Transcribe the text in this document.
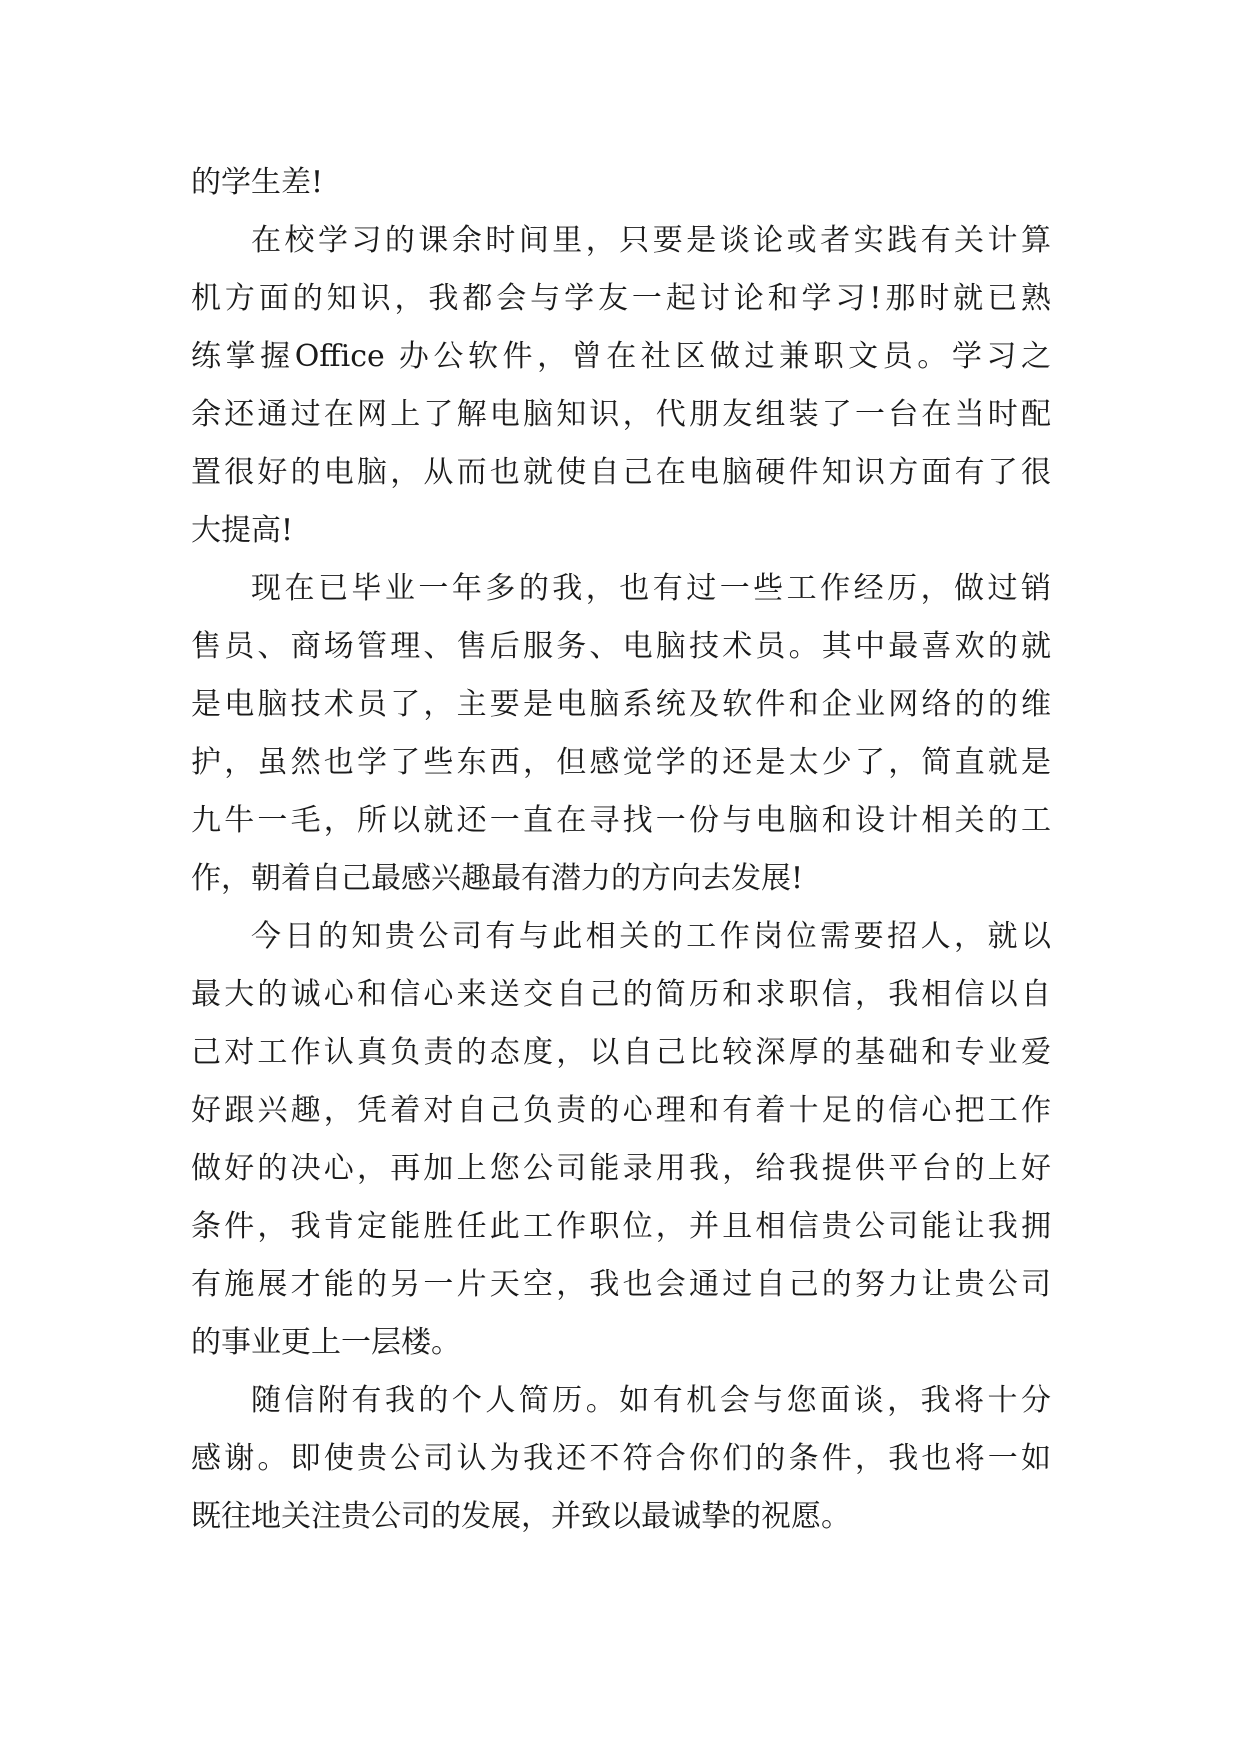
的学生差!
在校学习的课余时间里，只要是谈论或者实践有关计算
机方面的知识，我都会与学友一起讨论和学习!那时就已熟
练掌握Office 办公软件，曾在社区做过兼职文员。学习之
余还通过在网上了解电脑知识，代朋友组装了一台在当时配
置很好的电脑，从而也就使自己在电脑硬件知识方面有了很
大提高!
现在已毕业一年多的我，也有过一些工作经历，做过销
售员、商场管理、售后服务、电脑技术员。其中最喜欢的就
是电脑技术员了，主要是电脑系统及软件和企业网络的的维
护，虽然也学了些东西，但感觉学的还是太少了，简直就是
九牛一毛，所以就还一直在寻找一份与电脑和设计相关的工
作，朝着自己最感兴趣最有潜力的方向去发展!
今日的知贵公司有与此相关的工作岗位需要招人，就以
最大的诚心和信心来送交自己的简历和求职信，我相信以自
己对工作认真负责的态度，以自己比较深厚的基础和专业爱
好跟兴趣，凭着对自己负责的心理和有着十足的信心把工作
做好的决心，再加上您公司能录用我，给我提供平台的上好
条件，我肯定能胜任此工作职位，并且相信贵公司能让我拥
有施展才能的另一片天空，我也会通过自己的努力让贵公司
的事业更上一层楼。
随信附有我的个人简历。如有机会与您面谈，我将十分
感谢。即使贵公司认为我还不符合你们的条件，我也将一如
既往地关注贵公司的发展，并致以最诚挚的祝愿。
